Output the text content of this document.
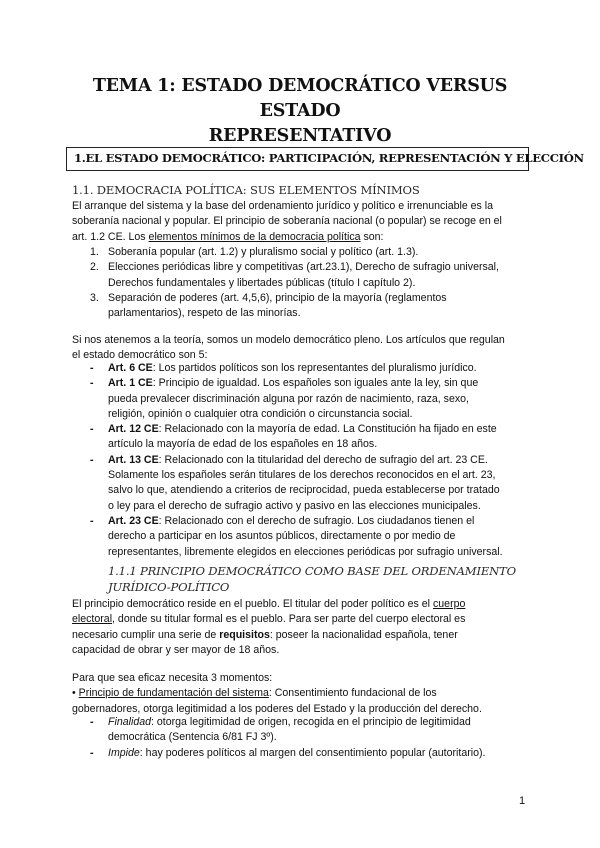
TEMA 1: ESTADO DEMOCRÁTICO VERSUS ESTADO
REPRESENTATIVO
1.EL ESTADO DEMOCRÁTICO: PARTICIPACIÓN, REPRESENTACIÓN Y ELECCIÓN
1.1. DEMOCRACIA POLÍTICA: SUS ELEMENTOS MÍNIMOS
El arranque del sistema y la base del ordenamiento jurídico y político e irrenunciable es la
soberanía nacional y popular. El principio de soberanía nacional (o popular) se recoge en el
art. 1.2 CE. Los elementos mínimos de la democracia política son:
1. Soberanía popular (art. 1.2) y pluralismo social y político (art. 1.3).
2. Elecciones periódicas libre y competitivas (art.23.1), Derecho de sufragio universal,
Derechos fundamentales y libertades públicas (título I capítulo 2).
3. Separación de poderes (art. 4,5,6), principio de la mayoría (reglamentos
parlamentarios), respeto de las minorías.
Si nos atenemos a la teoría, somos un modelo democrático pleno. Los artículos que regulan
el estado democrático son 5:
- Art. 6 CE: Los partidos políticos son los representantes del pluralismo jurídico.
- Art. 1 CE: Principio de igualdad. Los españoles son iguales ante la ley, sin que
pueda prevalecer discriminación alguna por razón de nacimiento, raza, sexo,
religión, opinión o cualquier otra condición o circunstancia social.
- Art. 12 CE: Relacionado con la mayoría de edad. La Constitución ha fijado en este
artículo la mayoría de edad de los españoles en 18 años.
- Art. 13 CE: Relacionado con la titularidad del derecho de sufragio del art. 23 CE.
Solamente los españoles serán titulares de los derechos reconocidos en el art. 23,
salvo lo que, atendiendo a criterios de reciprocidad, pueda establecerse por tratado
o ley para el derecho de sufragio activo y pasivo en las elecciones municipales.
- Art. 23 CE: Relacionado con el derecho de sufragio. Los ciudadanos tienen el
derecho a participar en los asuntos públicos, directamente o por medio de
representantes, libremente elegidos en elecciones periódicas por sufragio universal.
1.1.1 PRINCIPIO DEMOCRÁTICO COMO BASE DEL ORDENAMIENTO
JURÍDICO-POLÍTICO
El principio democrático reside en el pueblo. El titular del poder político es el cuerpo
electoral, donde su titular formal es el pueblo. Para ser parte del cuerpo electoral es
necesario cumplir una serie de requisitos: poseer la nacionalidad española, tener
capacidad de obrar y ser mayor de 18 años.
Para que sea eficaz necesita 3 momentos:
• Principio de fundamentación del sistema: Consentimiento fundacional de los
gobernadores, otorga legitimidad a los poderes del Estado y la producción del derecho.
- Finalidad: otorga legitimidad de origen, recogida en el principio de legitimidad
democrática (Sentencia 6/81 FJ 3º).
- Impide: hay poderes políticos al margen del consentimiento popular (autoritario).
1
